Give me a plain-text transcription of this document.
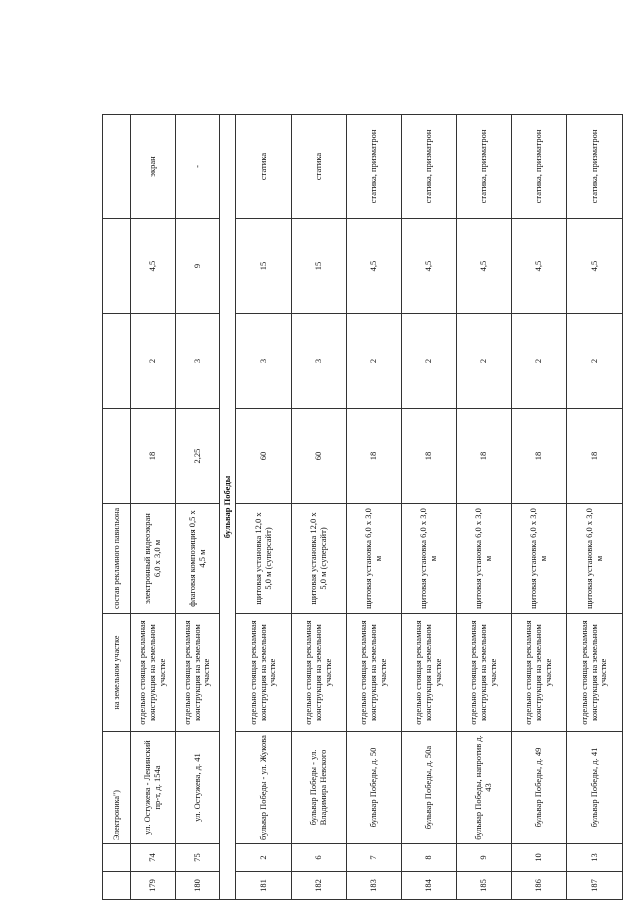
		Электроника")	на земельном участке	состав рекламного павильона				
179	74	ул. Остужева - Ленинский пр-т, д. 154а	отдельно стоящая рекламная конструкция на земельном участке	электронный видеоэкран 6,0 х 3,0 м	18	2	4,5	экран
180	75	ул. Остужева, д. 41	отдельно стоящая рекламная конструкция на земельном участке	флаговая композиция 0,5 х 4,5 м	2,25	3	9	-
бульвар Победы								
181	2	бульвар Победы - ул. Жукова	отдельно стоящая рекламная конструкция на земельном участке	щитовая установка 12,0 х 5,0 м (суперсайт)	60	3	15	статика
182	6	бульвар Победы - ул. Владимира Невского	отдельно стоящая рекламная конструкция на земельном участке	щитовая установка 12,0 х 5,0 м (суперсайт)	60	3	15	статика
183	7	бульвар Победы, д. 50	отдельно стоящая рекламная конструкция на земельном участке	щитовая установка 6,0 х 3,0 м	18	2	4,5	статика, призматрон
184	8	бульвар Победы, д. 50а	отдельно стоящая рекламная конструкция на земельном участке	щитовая установка 6,0 х 3,0 м	18	2	4,5	статика, призматрон
185	9	бульвар Победы, напротив д. 43	отдельно стоящая рекламная конструкция на земельном участке	щитовая установка 6,0 х 3,0 м	18	2	4,5	статика, призматрон
186	10	бульвар Победы, д. 49	отдельно стоящая рекламная конструкция на земельном участке	щитовая установка 6,0 х 3,0 м	18	2	4,5	статика, призматрон
187	13	бульвар Победы, д. 41	отдельно стоящая рекламная конструкция на земельном участке	щитовая установка 6,0 х 3,0 м	18	2	4,5	статика, призматрон
